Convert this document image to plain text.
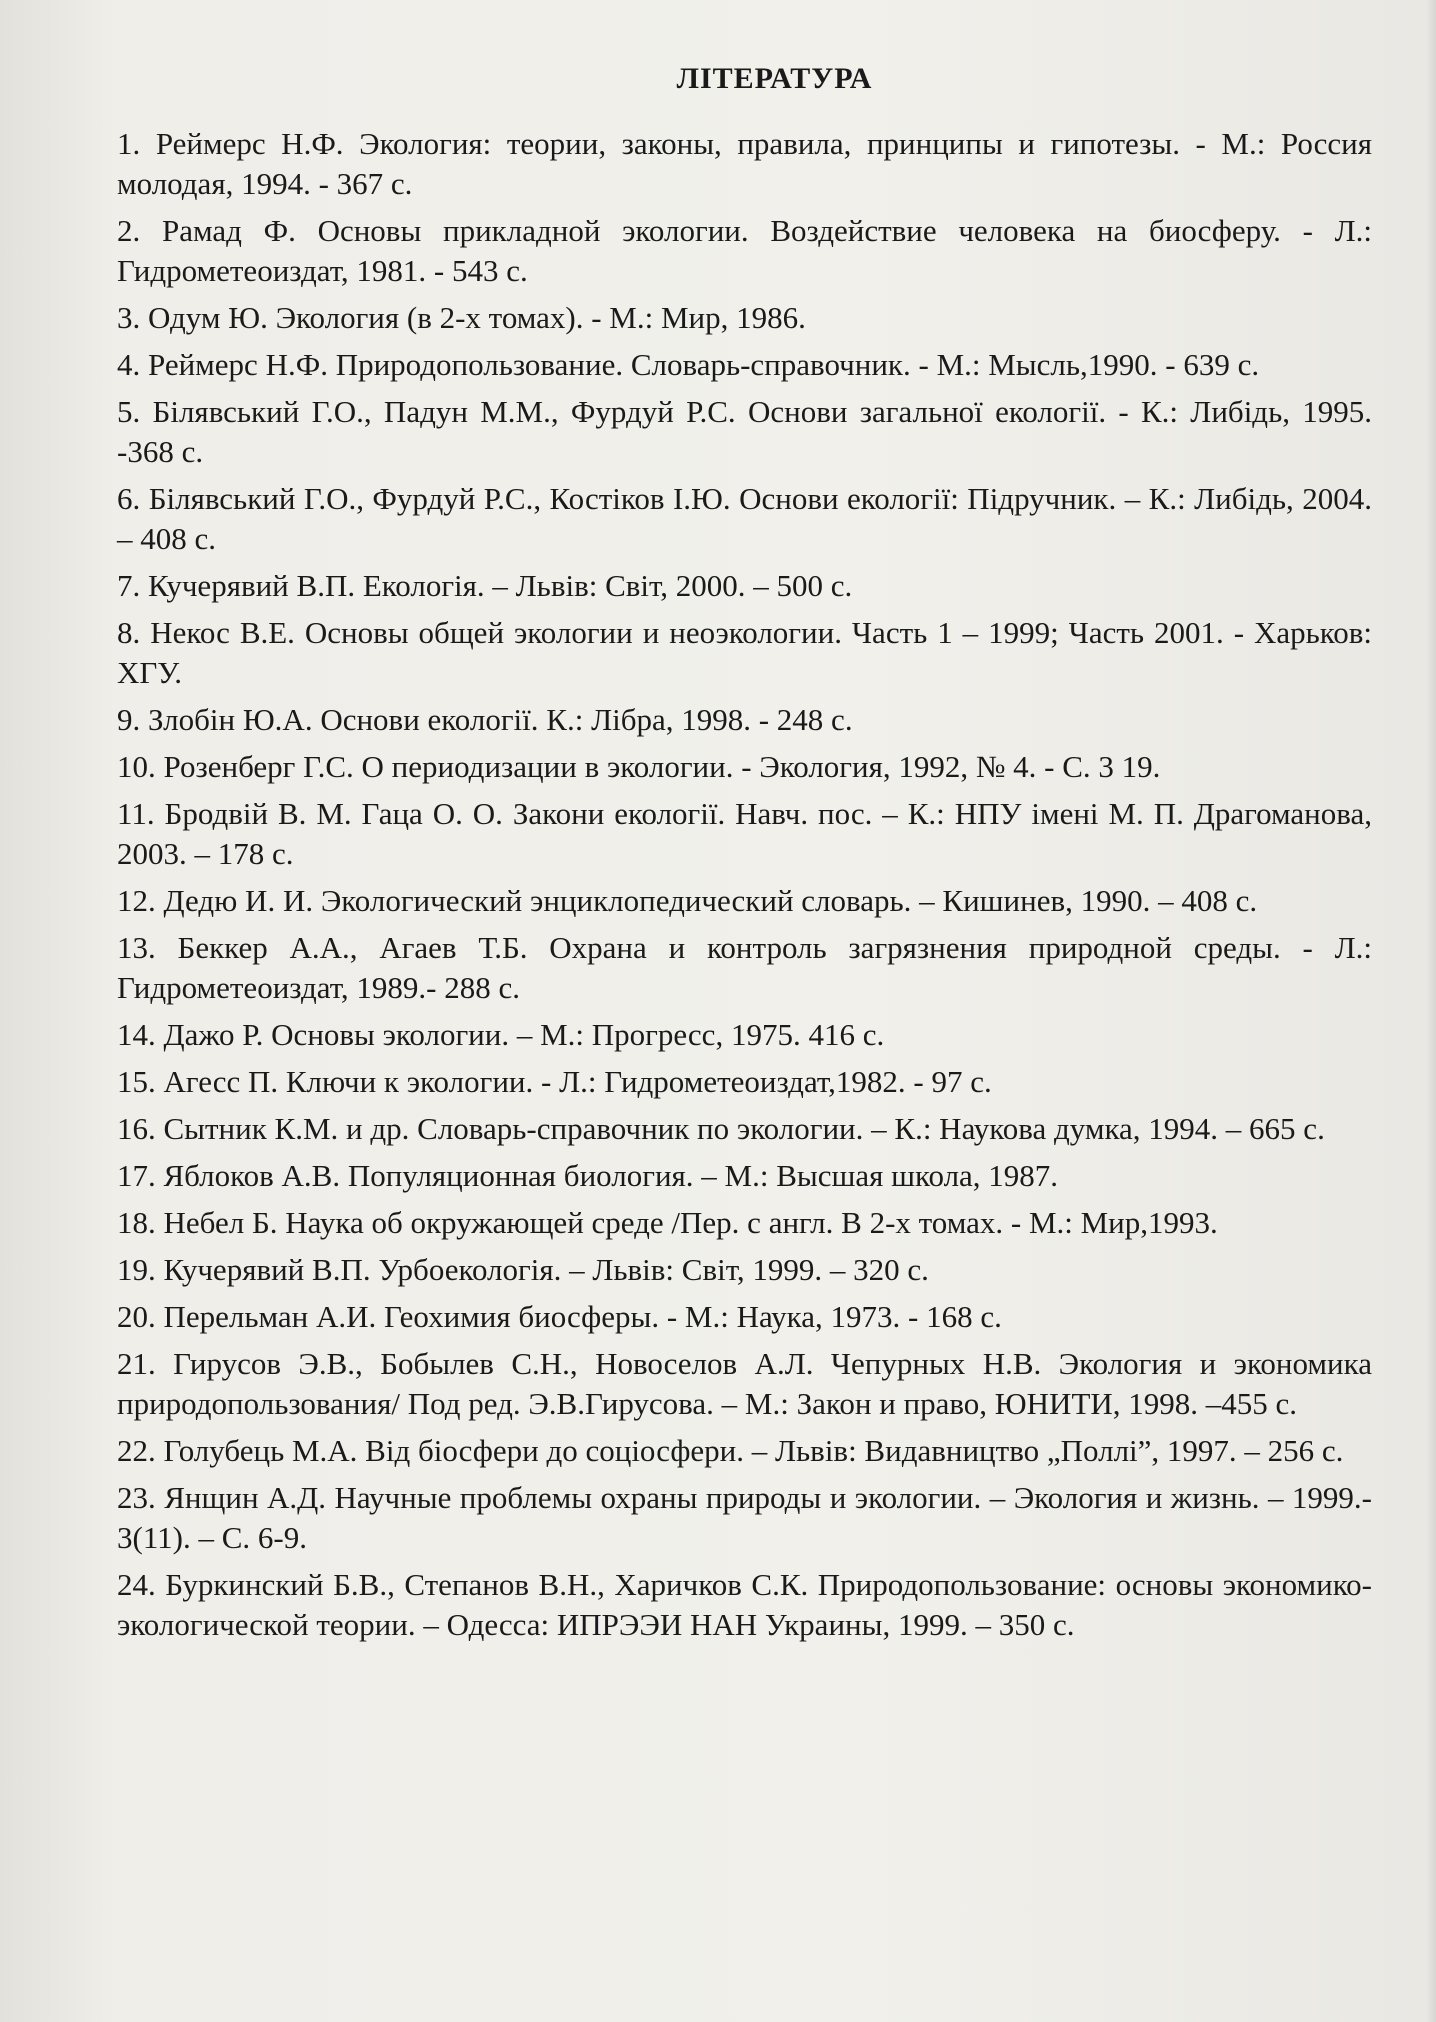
ЛІТЕРАТУРА
1. Реймерс Н.Ф. Экология: теории, законы, правила, принципы и гипотезы. - М.: Россия молодая, 1994. - 367 с.
2. Рамад Ф. Основы прикладной экологии. Воздействие человека на биосферу. - Л.: Гидрометеоиздат, 1981. - 543 с.
3. Одум Ю. Экология (в 2-х томах). - М.: Мир, 1986.
4. Реймерс Н.Ф. Природопользование. Словарь-справочник. - М.: Мысль,1990. - 639 с.
5. Білявський Г.О., Падун М.М., Фурдуй Р.С. Основи загальної екології. - К.: Либідь, 1995. -368 с.
6. Білявський Г.О., Фурдуй Р.С., Костіков І.Ю. Основи екології: Підручник. – К.: Либідь, 2004. – 408 с.
7. Кучерявий В.П. Екологія. – Львів: Світ, 2000. – 500 с.
8. Некос В.Е. Основы общей экологии и неоэкологии. Часть 1 – 1999; Часть 2001. - Харьков: ХГУ.
9. Злобін Ю.А. Основи екології. К.: Лібра, 1998. - 248 с.
10. Розенберг Г.С. О периодизации в экологии. - Экология, 1992, № 4. - С. 3 19.
11. Бродвій В. М. Гаца О. О. Закони екології. Навч. пос. – К.: НПУ імені М. П. Драгоманова, 2003. – 178 с.
12. Дедю И. И. Экологический энциклопедический словарь. – Кишинев, 1990. – 408 с.
13. Беккер А.А., Агаев Т.Б. Охрана и контроль загрязнения природной среды. - Л.: Гидрометеоиздат, 1989.- 288 с.
14. Дажо Р. Основы экологии. – М.: Прогресс, 1975. 416 с.
15. Агесс П. Ключи к экологии. - Л.: Гидрометеоиздат,1982. - 97 с.
16. Сытник К.М. и др. Словарь-справочник по экологии. – К.: Наукова думка, 1994. – 665 с.
17. Яблоков А.В. Популяционная биология. – М.: Высшая школа, 1987.
18. Небел Б. Наука об окружающей среде /Пер. с англ. В 2-х томах. - М.: Мир,1993.
19. Кучерявий В.П. Урбоекологія. – Львів: Світ, 1999. – 320 с.
20. Перельман А.И. Геохимия биосферы. - М.: Наука, 1973. - 168 с.
21. Гирусов Э.В., Бобылев С.Н., Новоселов А.Л. Чепурных Н.В. Экология и экономика природопользования/ Под ред. Э.В.Гирусова. – М.: Закон и право, ЮНИТИ, 1998. –455 с.
22. Голубець М.А. Від біосфери до соціосфери. – Львів: Видавництво „Поллі”, 1997. – 256 с.
23. Янщин А.Д. Научные проблемы охраны природы и экологии. – Экология и жизнь. – 1999.- 3(11). – С. 6-9.
24. Буркинский Б.В., Степанов В.Н., Харичков С.К. Природопользование: основы экономико-экологической теории. – Одесса: ИПРЭЭИ НАН Украины, 1999. – 350 с.
